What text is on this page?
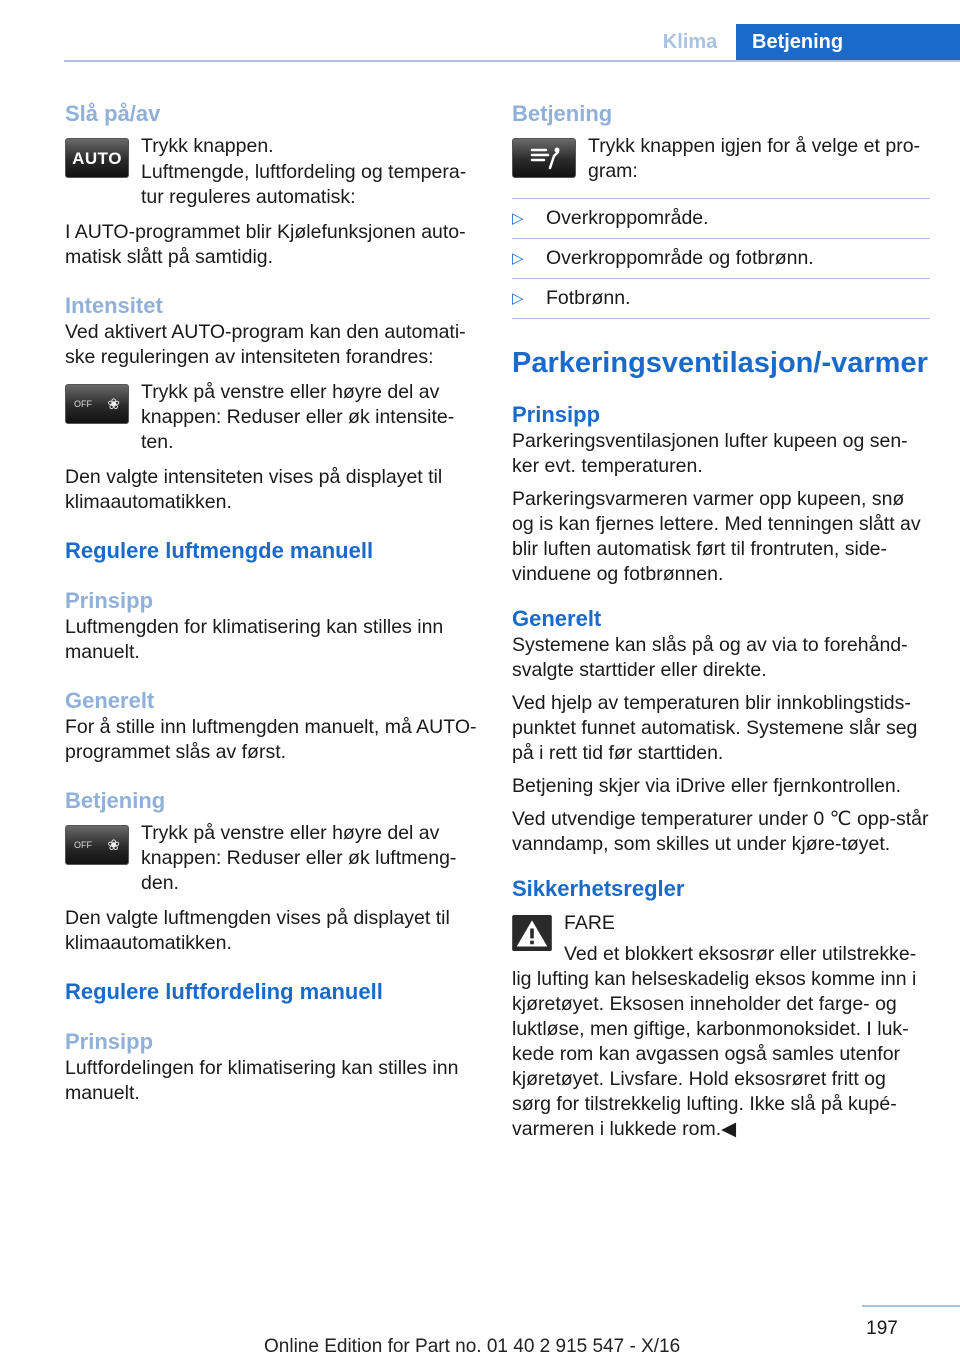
Klima	Betjening
Slå på/av
AUTO

Trykk knappen.

Luftmengde, luftfordeling og tempera-tur reguleres automatisk:

I AUTO-programmet blir Kjølefunksjonen auto-matisk slått på samtidig.

Intensitet

Ved aktivert AUTO-program kan den automati-ske reguleringen av intensiteten forandres:

OFF ❀

Trykk på venstre eller høyre del av knappen: Reduser eller øk intensite-ten.

Den valgte intensiteten vises på displayet til klimaautomatikken.

Regulere luftmengde manuell
Prinsipp

Luftmengden for klimatisering kan stilles inn manuelt.

Generelt

For å stille inn luftmengden manuelt, må AUTO-programmet slås av først.

Betjening
OFF ❀

Trykk på venstre eller høyre del av knappen: Reduser eller øk luftmeng-den.

Den valgte luftmengden vises på displayet til klimaautomatikken.

Regulere luftfordeling manuell
Prinsipp

Luftfordelingen for klimatisering kan stilles inn manuelt.

Betjening

Trykk knappen igjen for å velge et pro-gram:

▷ Overkroppområde.
▷ Overkroppområde og fotbrønn.
▷ Fotbrønn.
Parkeringsventilasjon/-varmer
Prinsipp

Parkeringsventilasjonen lufter kupeen og sen-ker evt. temperaturen.

Parkeringsvarmeren varmer opp kupeen, snø og is kan fjernes lettere. Med tenningen slått av blir luften automatisk ført til frontruten, side-vinduene og fotbrønnen.

Generelt

Systemene kan slås på og av via to forehånd-svalgte starttider eller direkte.

Ved hjelp av temperaturen blir innkoblingstids-punktet funnet automatisk. Systemene slår seg på i rett tid før starttiden.

Betjening skjer via iDrive eller fjernkontrollen.

Ved utvendige temperaturer under 0 ℃ opp-står vanndamp, som skilles ut under kjøre-tøyet.

Sikkerhetsregler

FARE

Ved et blokkert eksosrør eller utilstrekke-lig lufting kan helseskadelig eksos komme inn i kjøretøyet. Eksosen inneholder det farge- og luktløse, men giftige, karbonmonoksidet. I luk-kede rom kan avgassen også samles utenfor kjøretøyet. Livsfare. Hold eksosrøret fritt og sørg for tilstrekkelig lufting. Ikke slå på kupé-varmeren i lukkede rom.◀

197
Online Edition for Part no. 01 40 2 915 547 - X/16
